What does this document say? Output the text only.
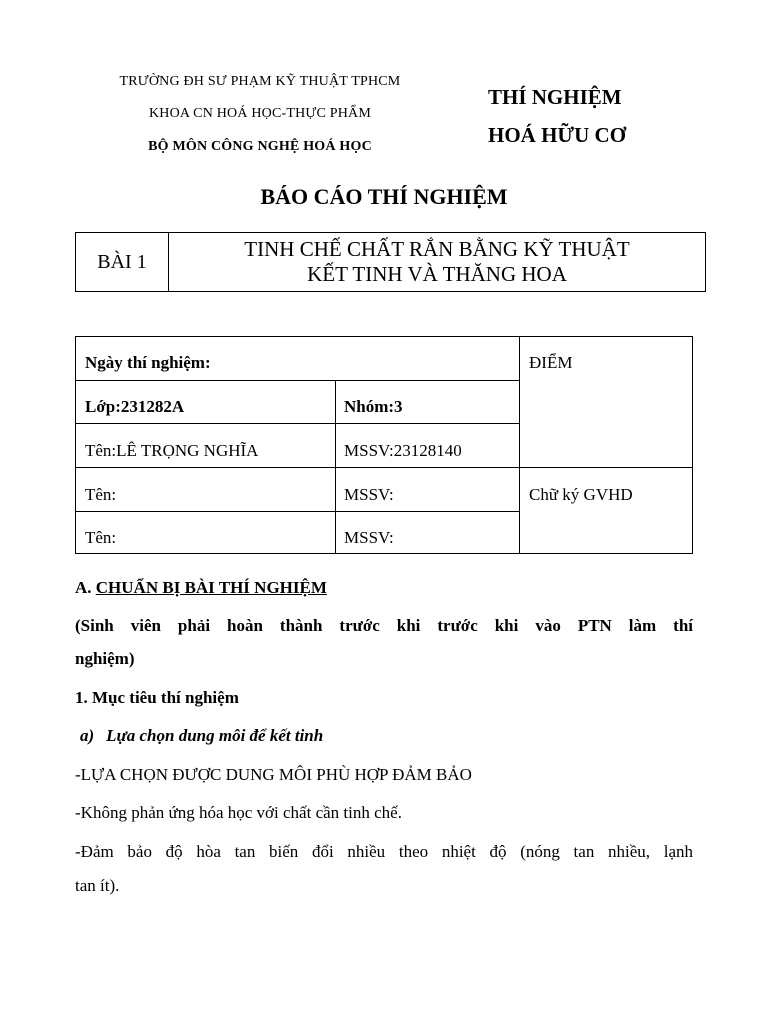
TRƯỜNG ĐH SƯ PHẠM KỸ THUẬT TPHCM
KHOA CN HOÁ HỌC-THỰC PHẨM
BỘ MÔN CÔNG NGHỆ HOÁ HỌC
THÍ NGHIỆM
HOÁ HỮU CƠ
BÁO CÁO THÍ NGHIỆM
BÀI 1
TINH CHẾ CHẤT RẮN BẰNG KỸ THUẬT
KẾT TINH VÀ THĂNG HOA
Ngày thí nghiệm:	ĐIỂM
Lớp:231282A	Nhóm:3
Tên:LÊ TRỌNG NGHĨA	MSSV:23128140
Tên:	MSSV:	Chữ ký GVHD
Tên:	MSSV:
A. CHUẨN BỊ BÀI THÍ NGHIỆM
(Sinh viên phải hoàn thành trước khi trước khi vào PTN làm thí
nghiệm)
1. Mục tiêu thí nghiệm
a) Lựa chọn dung môi để kết tinh
-LỰA CHỌN ĐƯỢC DUNG MÔI PHÙ HỢP ĐẢM BẢO
-Không phản ứng hóa học với chất cần tinh chế.
-Đảm bảo độ hòa tan biến đổi nhiều theo nhiệt độ (nóng tan nhiều, lạnh
tan ít).
